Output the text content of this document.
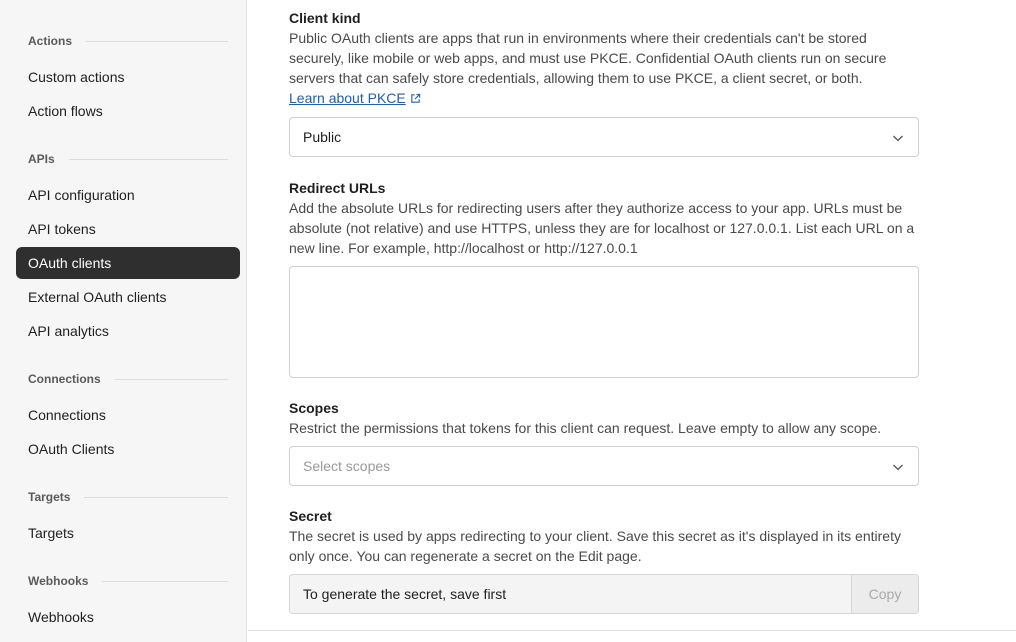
Actions
Custom actions
Action flows
APIs
API configuration
API tokens
OAuth clients
External OAuth clients
API analytics
Connections
Connections
OAuth Clients
Targets
Targets
Webhooks
Webhooks
Client kind
Public OAuth clients are apps that run in environments where their credentials can't be stored securely, like mobile or web apps, and must use PKCE. Confidential OAuth clients run on secure servers that can safely store credentials, allowing them to use PKCE, a client secret, or both.
Learn about PKCE
Public
Redirect URLs
Add the absolute URLs for redirecting users after they authorize access to your app. URLs must be absolute (not relative) and use HTTPS, unless they are for localhost or 127.0.0.1. List each URL on a new line. For example, http://localhost or http://127.0.0.1
Scopes
Restrict the permissions that tokens for this client can request. Leave empty to allow any scope.
Select scopes
Secret
The secret is used by apps redirecting to your client. Save this secret as it's displayed in its entirety only once. You can regenerate a secret on the Edit page.
To generate the secret, save first	Copy
